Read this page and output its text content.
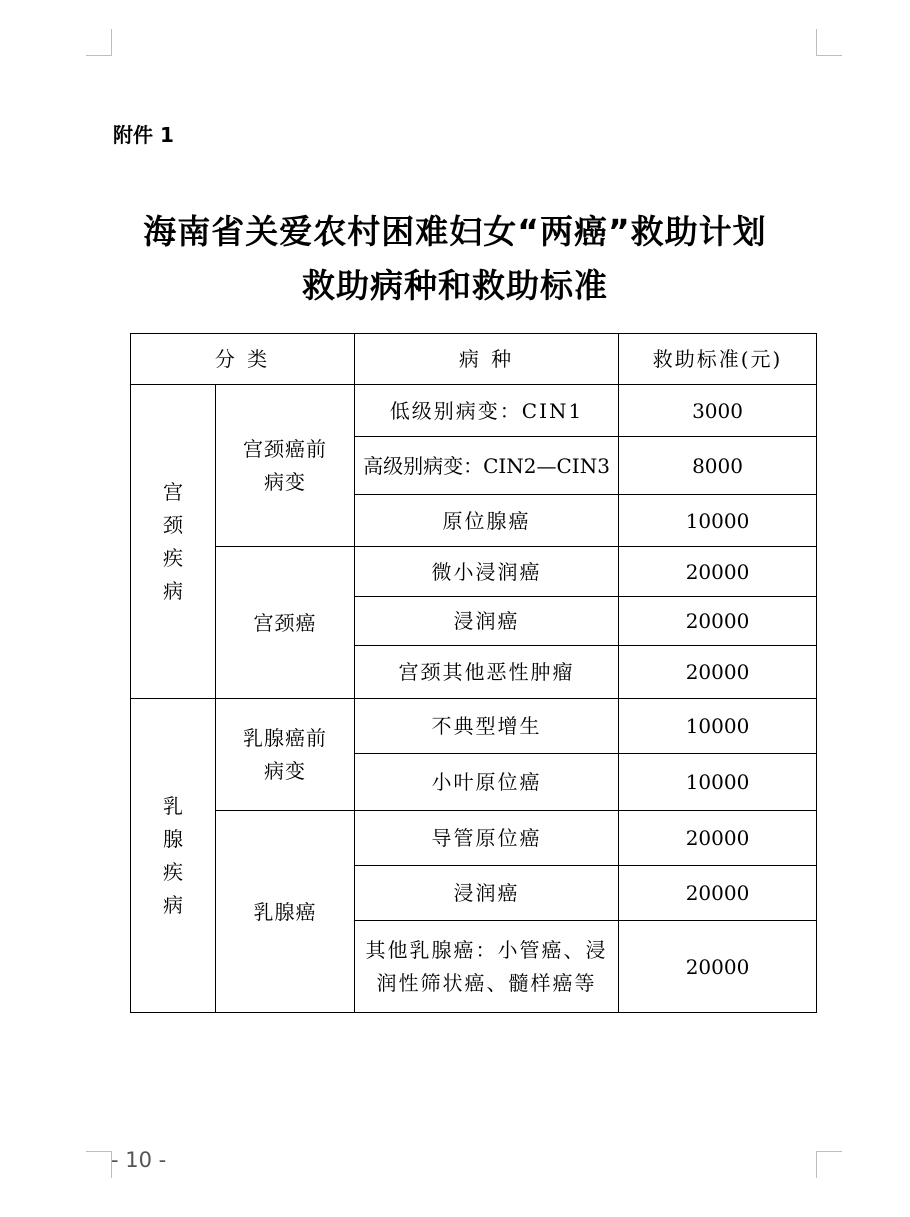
附件 1
海南省关爱农村困难妇女“两癌”救助计划
救助病种和救助标准
分 类		病 种	救助标准(元)
宫颈疾病	宫颈癌前病变	低级别病变：CIN1	3000
		高级别病变：CIN2—CIN3	8000
		原位腺癌	10000
	宫颈癌	微小浸润癌	20000
		浸润癌	20000
		宫颈其他恶性肿瘤	20000
乳腺疾病	乳腺癌前病变	不典型增生	10000
		小叶原位癌	10000
	乳腺癌	导管原位癌	20000
		浸润癌	20000
		其他乳腺癌：小管癌、浸润性筛状癌、髓样癌等	20000
- 10 -
